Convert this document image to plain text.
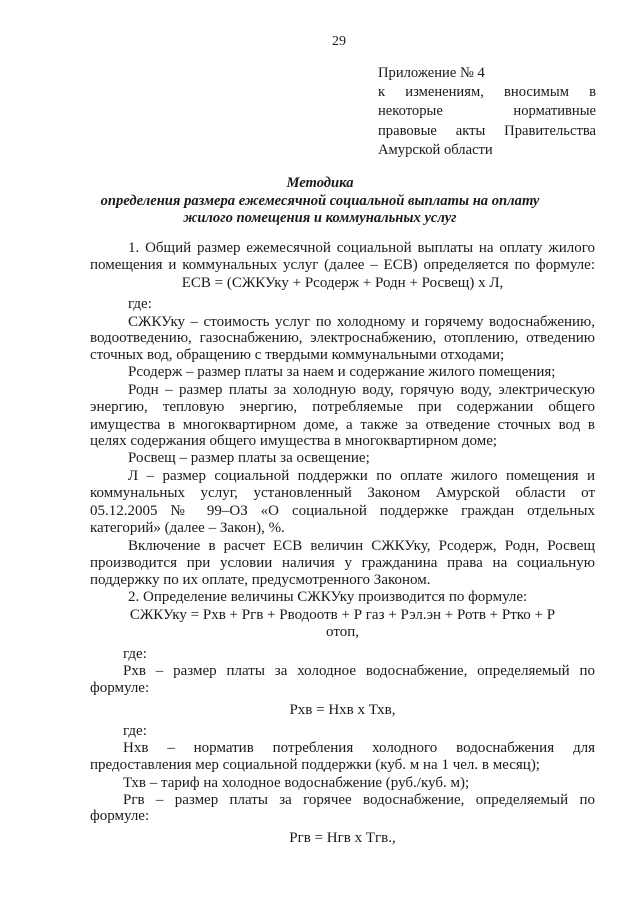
29
Приложение № 4
к изменениям, вносимым в
некоторые нормативные
правовые акты Правительства
Амурской области
Методика
определения размера ежемесячной социальной выплаты на оплату
жилого помещения и коммунальных услуг
1. Общий размер ежемесячной социальной выплаты на оплату жилого
помещения и коммунальных услуг (далее – ЕСВ) определяется по формуле:
ЕСВ = (СЖКУку + Рсодерж + Родн + Росвещ) х Л,
где:
СЖКУку – стоимость услуг по холодному и горячему водоснабжению,
водоотведению, газоснабжению, электроснабжению, отоплению, отведению
сточных вод, обращению с твердыми коммунальными отходами;
Рсодерж – размер платы за наем и содержание жилого помещения;
Родн – размер платы за холодную воду, горячую воду, электрическую
энергию, тепловую энергию, потребляемые при содержании общего
имущества в многоквартирном доме, а также за отведение сточных вод в
целях содержания общего имущества в многоквартирном доме;
Росвещ – размер платы за освещение;
Л – размер социальной поддержки по оплате жилого помещения и
коммунальных услуг, установленный Законом Амурской области от
05.12.2005 № 99–ОЗ «О социальной поддержке граждан отдельных
категорий» (далее – Закон), %.
Включение в расчет ЕСВ величин СЖКУку, Рсодерж, Родн, Росвещ
производится при условии наличия у гражданина права на социальную
поддержку по их оплате, предусмотренного Законом.
2. Определение величины СЖКУку производится по формуле:
СЖКУку = Рхв + Ргв + Рводоотв + Р газ + Рэл.эн + Ротв + Ртко + Р
отоп,
где:
Рхв – размер платы за холодное водоснабжение, определяемый по
формуле:
Рхв = Нхв х Тхв,
где:
Нхв – норматив потребления холодного водоснабжения для
предоставления мер социальной поддержки (куб. м на 1 чел. в месяц);
Тхв – тариф на холодное водоснабжение (руб./куб. м);
Ргв – размер платы за горячее водоснабжение, определяемый по
формуле:
Ргв = Нгв х Тгв.,
